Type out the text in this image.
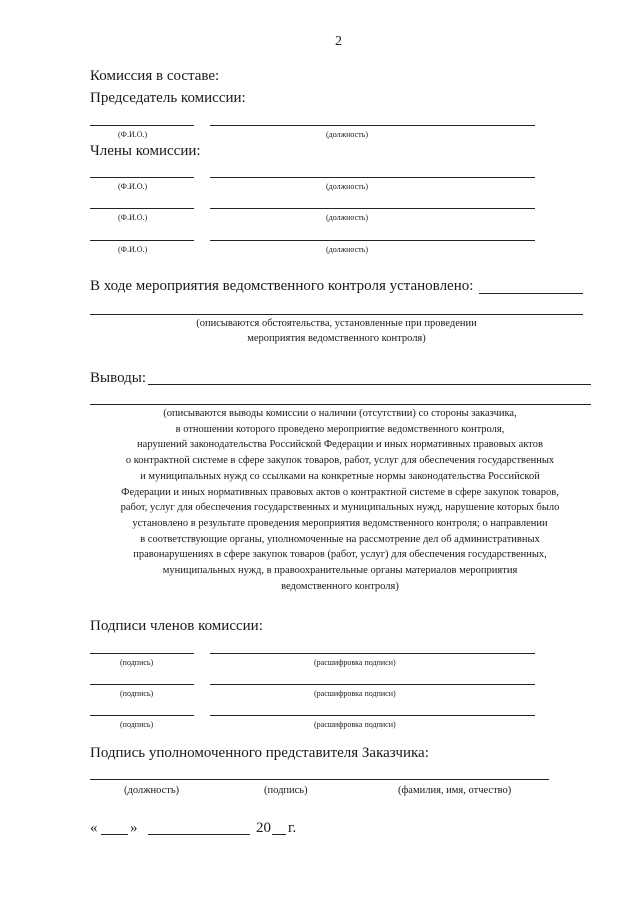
2
Комиссия в составе:
Председатель комиссии:
(Ф.И.О.)	(должность)
Члены комиссии:
(Ф.И.О.)	(должность)
(Ф.И.О.)	(должность)
(Ф.И.О.)	(должность)
В ходе мероприятия ведомственного контроля установлено:
(описываются обстоятельства, установленные при проведении
мероприятия ведомственного контроля)
Выводы:
(описываются выводы комиссии о наличии (отсутствии) со стороны заказчика,
в отношении которого проведено мероприятие ведомственного контроля,
нарушений законодательства Российской Федерации и иных нормативных правовых актов
о контрактной системе в сфере закупок товаров, работ, услуг для обеспечения государственных
и муниципальных нужд со ссылками на конкретные нормы законодательства Российской
Федерации и иных нормативных правовых актов о контрактной системе в сфере закупок товаров,
работ, услуг для обеспечения государственных и муниципальных нужд, нарушение которых было
установлено в результате проведения мероприятия ведомственного контроля; о направлении
в соответствующие органы, уполномоченные на рассмотрение дел об административных
правонарушениях в сфере закупок товаров (работ, услуг) для обеспечения государственных,
муниципальных нужд, в правоохранительные органы материалов мероприятия
ведомственного контроля)
Подписи членов комиссии:
(подпись)	(расшифровка подписи)
(подпись)	(расшифровка подписи)
(подпись)	(расшифровка подписи)
Подпись уполномоченного представителя Заказчика:
(должность)	(подпись)	(фамилия, имя, отчество)
« »	20 г.
